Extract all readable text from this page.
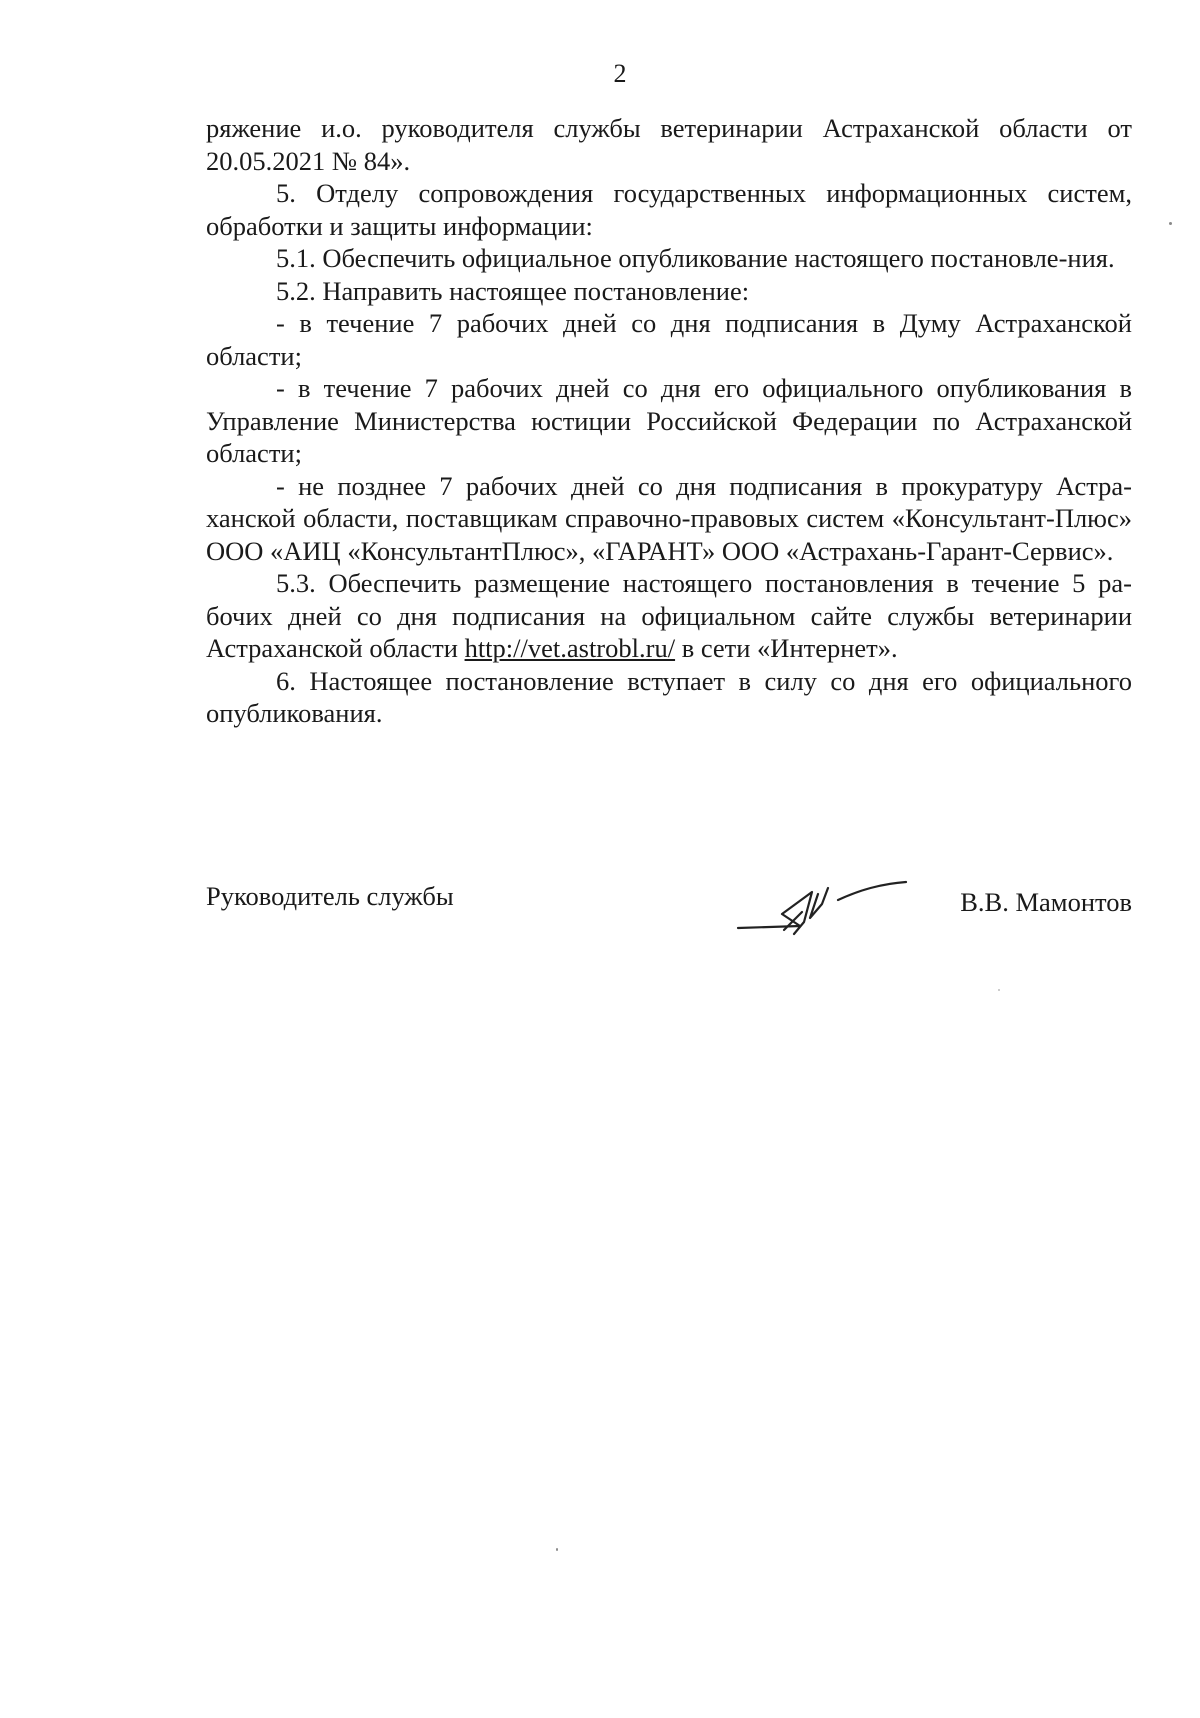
2

ряжение и.о. руководителя службы ветеринарии Астраханской области от 20.05.2021 № 84».

5. Отделу сопровождения государственных информационных систем, обработки и защиты информации:

5.1. Обеспечить официальное опубликование настоящего постановле-ния.

5.2. Направить настоящее постановление:

- в течение 7 рабочих дней со дня подписания в Думу Астраханской области;

- в течение 7 рабочих дней со дня его официального опубликования в Управление Министерства юстиции Российской Федерации по Астраханской области;

- не позднее 7 рабочих дней со дня подписания в прокуратуру Астра-ханской области, поставщикам справочно-правовых систем «Консультант-Плюс» ООО «АИЦ «КонсультантПлюс», «ГАРАНТ» ООО «Астрахань-Гарант-Сервис».

5.3. Обеспечить размещение настоящего постановления в течение 5 ра-бочих дней со дня подписания на официальном сайте службы ветеринарии Астраханской области http://vet.astrobl.ru/ в сети «Интернет».

6. Настоящее постановление вступает в силу со дня его официального опубликования.

Руководитель службы	В.В. Мамонтов
